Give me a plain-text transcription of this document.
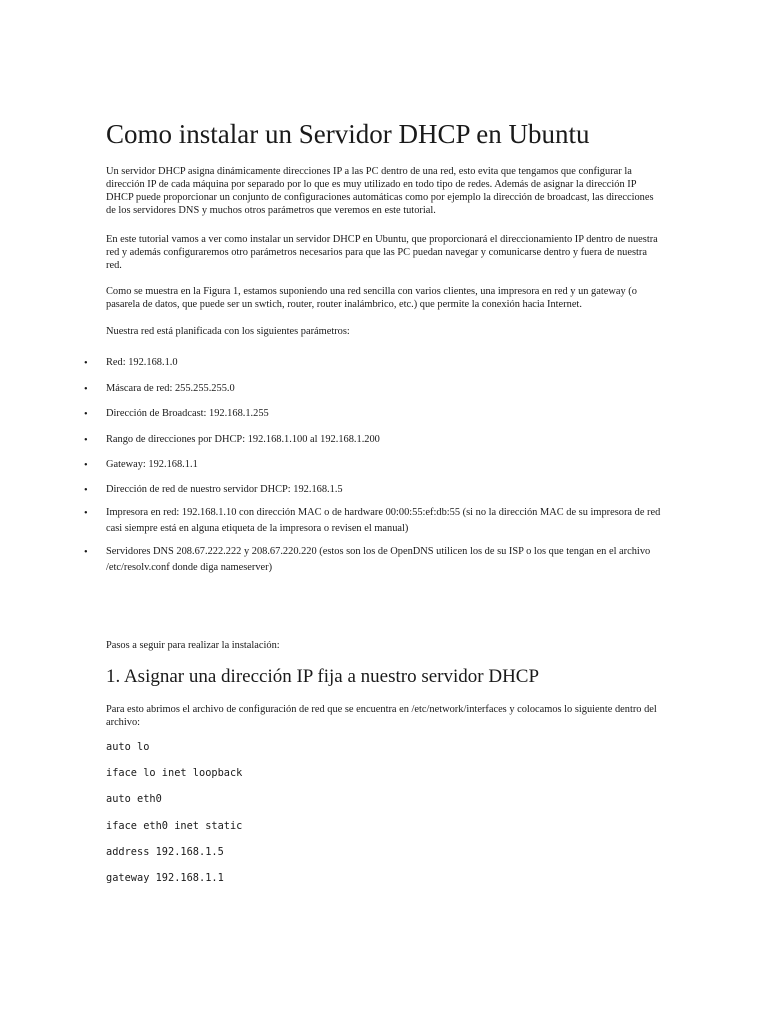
Como instalar un Servidor DHCP en Ubuntu

Un servidor DHCP asigna dinámicamente direcciones IP a las PC dentro de una red, esto evita que tengamos que configurar la dirección IP de cada máquina por separado por lo que es muy utilizado en todo tipo de redes. Además de asignar la dirección IP DHCP puede proporcionar un conjunto de configuraciones automáticas como por ejemplo la dirección de broadcast, las direcciones de los servidores DNS y muchos otros parámetros que veremos en este tutorial.

En este tutorial vamos a ver como instalar un servidor DHCP en Ubuntu, que proporcionará el direccionamiento IP dentro de nuestra red y además configuraremos otro parámetros necesarios para que las PC puedan navegar y comunicarse dentro y fuera de nuestra red.

Como se muestra en la Figura 1, estamos suponiendo una red sencilla con varios clientes, una impresora en red y un gateway (o pasarela de datos, que puede ser un swtich, router, router inalámbrico, etc.) que permite la conexión hacia Internet.

Nuestra red está planificada con los siguientes parámetros:

• Red: 192.168.1.0

• Máscara de red: 255.255.255.0

• Dirección de Broadcast: 192.168.1.255

• Rango de direcciones por DHCP: 192.168.1.100 al 192.168.1.200

• Gateway: 192.168.1.1

• Dirección de red de nuestro servidor DHCP: 192.168.1.5

• Impresora en red: 192.168.1.10 con dirección MAC o de hardware 00:00:55:ef:db:55 (si no la dirección MAC de su impresora de red casi siempre está en alguna etiqueta de la impresora o revisen el manual)

• Servidores DNS 208.67.222.222 y 208.67.220.220 (estos son los de OpenDNS utilicen los de su ISP o los que tengan en el archivo /etc/resolv.conf donde diga nameserver)

Pasos a seguir para realizar la instalación:

1. Asignar una dirección IP fija a nuestro servidor DHCP

Para esto abrimos el archivo de configuración de red que se encuentra en /etc/network/interfaces y colocamos lo siguiente dentro del archivo:

auto lo
iface lo inet loopback
auto eth0
iface eth0 inet static
address 192.168.1.5
gateway 192.168.1.1
